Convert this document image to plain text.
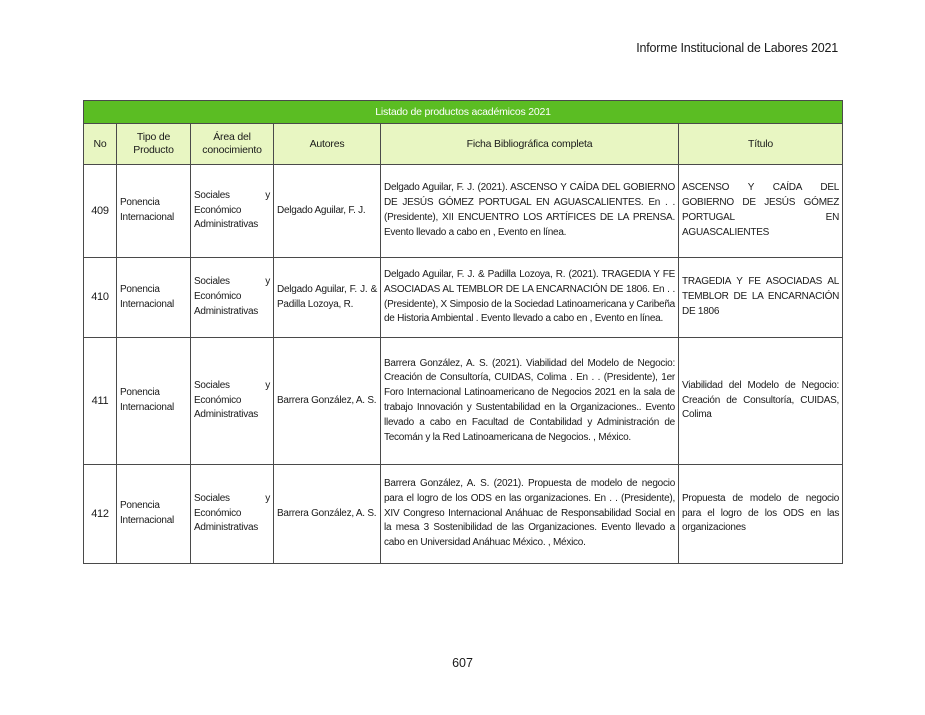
Informe Institucional de Labores 2021
Listado de productos académicos 2021					
No	Tipo de Producto	Área del conocimiento	Autores	Ficha Bibliográfica completa	Título
409	Ponencia Internacional	Sociales y Económico Administrativas	Delgado Aguilar, F. J.	Delgado Aguilar, F. J. (2021). ASCENSO Y CAÍDA DEL GOBIERNO DE JESÚS GÓMEZ PORTUGAL EN AGUASCALIENTES. En . . (Presidente), XII ENCUENTRO LOS ARTÍFICES DE LA PRENSA. Evento llevado a cabo en , Evento en línea.	ASCENSO Y CAÍDA DEL GOBIERNO DE JESÚS GÓMEZ PORTUGAL EN AGUASCALIENTES
410	Ponencia Internacional	Sociales y Económico Administrativas	Delgado Aguilar, F. J. & Padilla Lozoya, R.	Delgado Aguilar, F. J. & Padilla Lozoya, R. (2021). TRAGEDIA Y FE ASOCIADAS AL TEMBLOR DE LA ENCARNACIÓN DE 1806. En . . (Presidente), X Simposio de la Sociedad Latinoamericana y Caribeña de Historia Ambiental . Evento llevado a cabo en , Evento en línea.	TRAGEDIA Y FE ASOCIADAS AL TEMBLOR DE LA ENCARNACIÓN DE 1806
411	Ponencia Internacional	Sociales y Económico Administrativas	Barrera González, A. S.	Barrera González, A. S. (2021). Viabilidad del Modelo de Negocio: Creación de Consultoría, CUIDAS, Colima . En . . (Presidente), 1er Foro Internacional Latinoamericano de Negocios 2021 en la sala de trabajo Innovación y Sustentabilidad en la Organizaciones.. Evento llevado a cabo en Facultad de Contabilidad y Administración de Tecomán y la Red Latinoamericana de Negocios. , México.	Viabilidad del Modelo de Negocio: Creación de Consultoría, CUIDAS, Colima
412	Ponencia Internacional	Sociales y Económico Administrativas	Barrera González, A. S.	Barrera González, A. S. (2021). Propuesta de modelo de negocio para el logro de los ODS en las organizaciones. En . . (Presidente), XIV Congreso Internacional Anáhuac de Responsabilidad Social en la mesa 3 Sostenibilidad de las Organizaciones. Evento llevado a cabo en Universidad Anáhuac México. , México.	Propuesta de modelo de negocio para el logro de los ODS en las organizaciones
607
